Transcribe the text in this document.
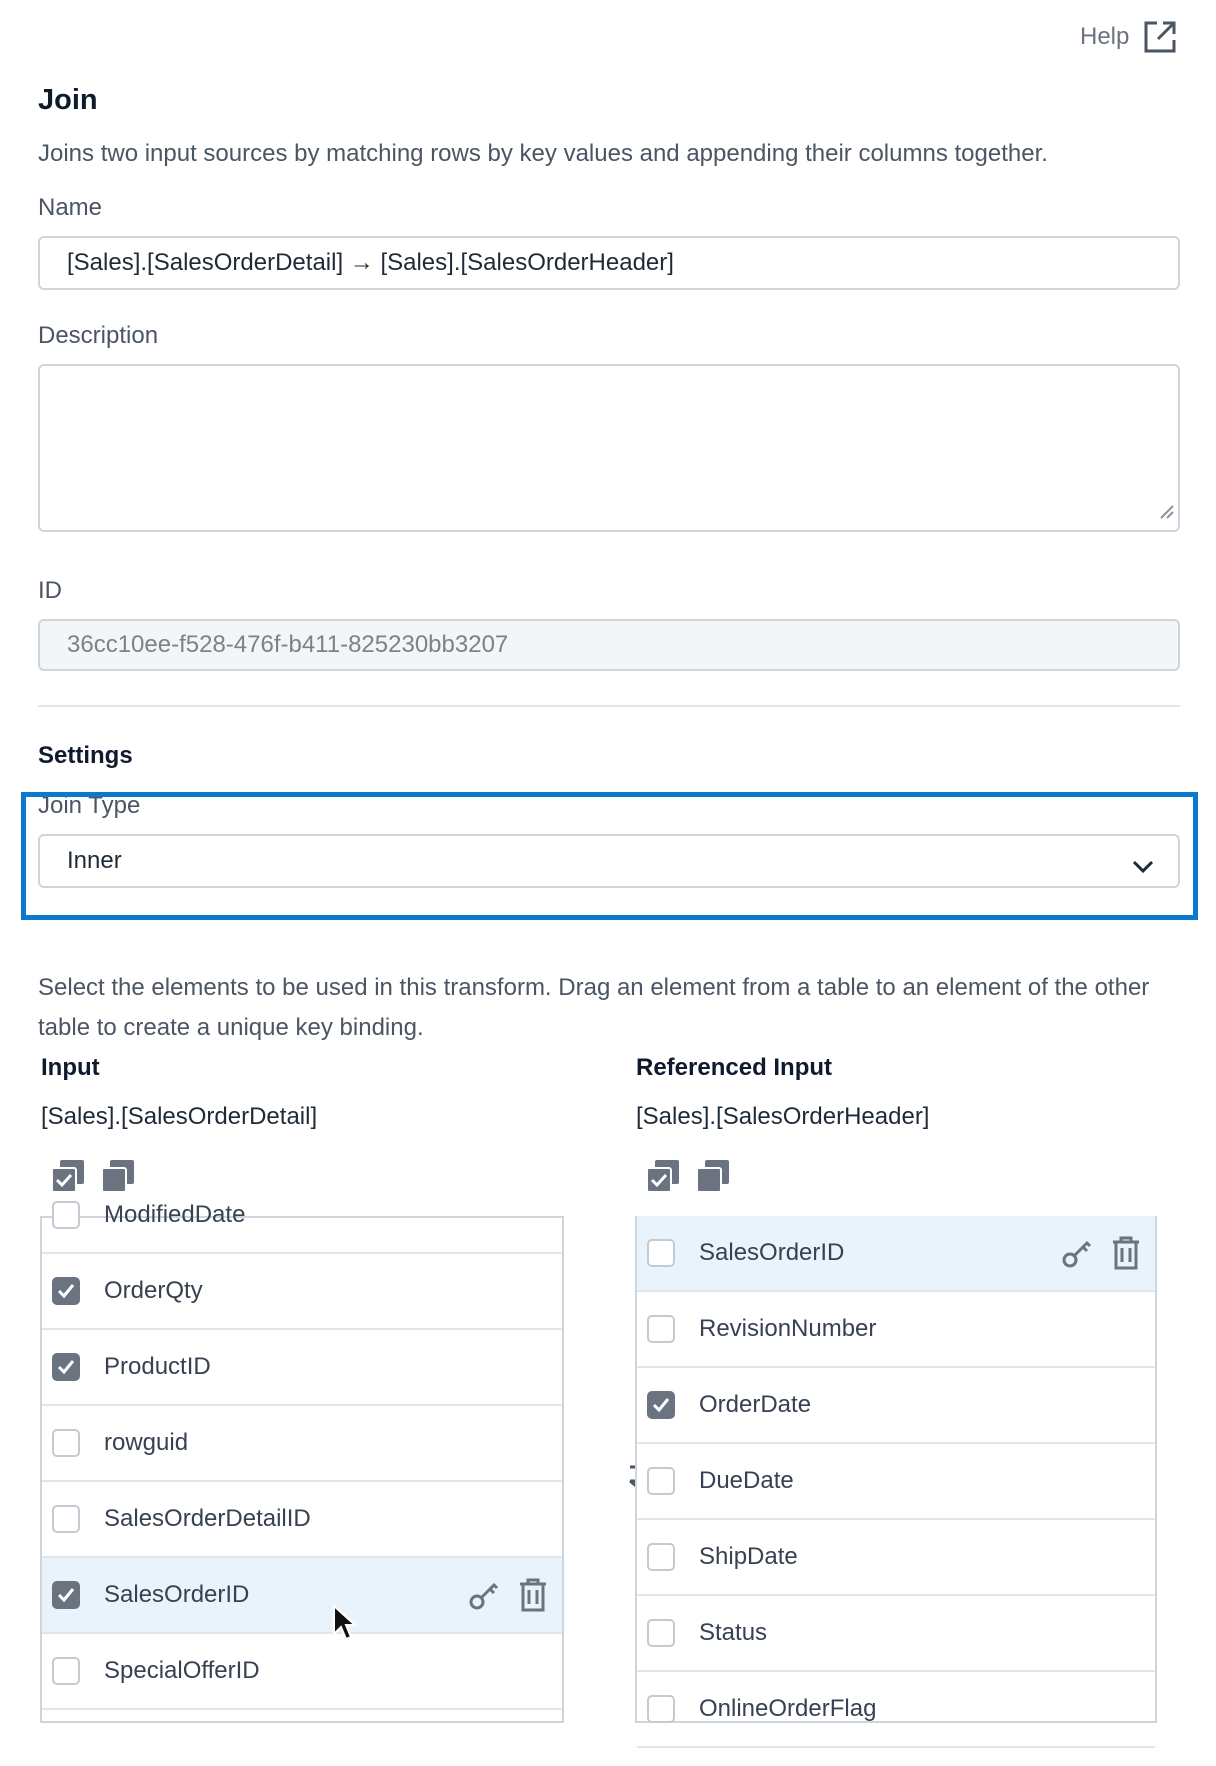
Help
Join
Joins two input sources by matching rows by key values and appending their columns together.
Name
[Sales].[SalesOrderDetail] → [Sales].[SalesOrderHeader]
Description
ID
36cc10ee-f528-476f-b411-825230bb3207
Settings
Join Type
Inner
Select the elements to be used in this transform. Drag an element from a table to an element of the other table to create a unique key binding.
Input
[Sales].[SalesOrderDetail]
ModifiedDate
OrderQty
ProductID
rowguid
SalesOrderDetailID
SalesOrderID
SpecialOfferID
Referenced Input
[Sales].[SalesOrderHeader]
SalesOrderID
RevisionNumber
OrderDate
DueDate
ShipDate
Status
OnlineOrderFlag
